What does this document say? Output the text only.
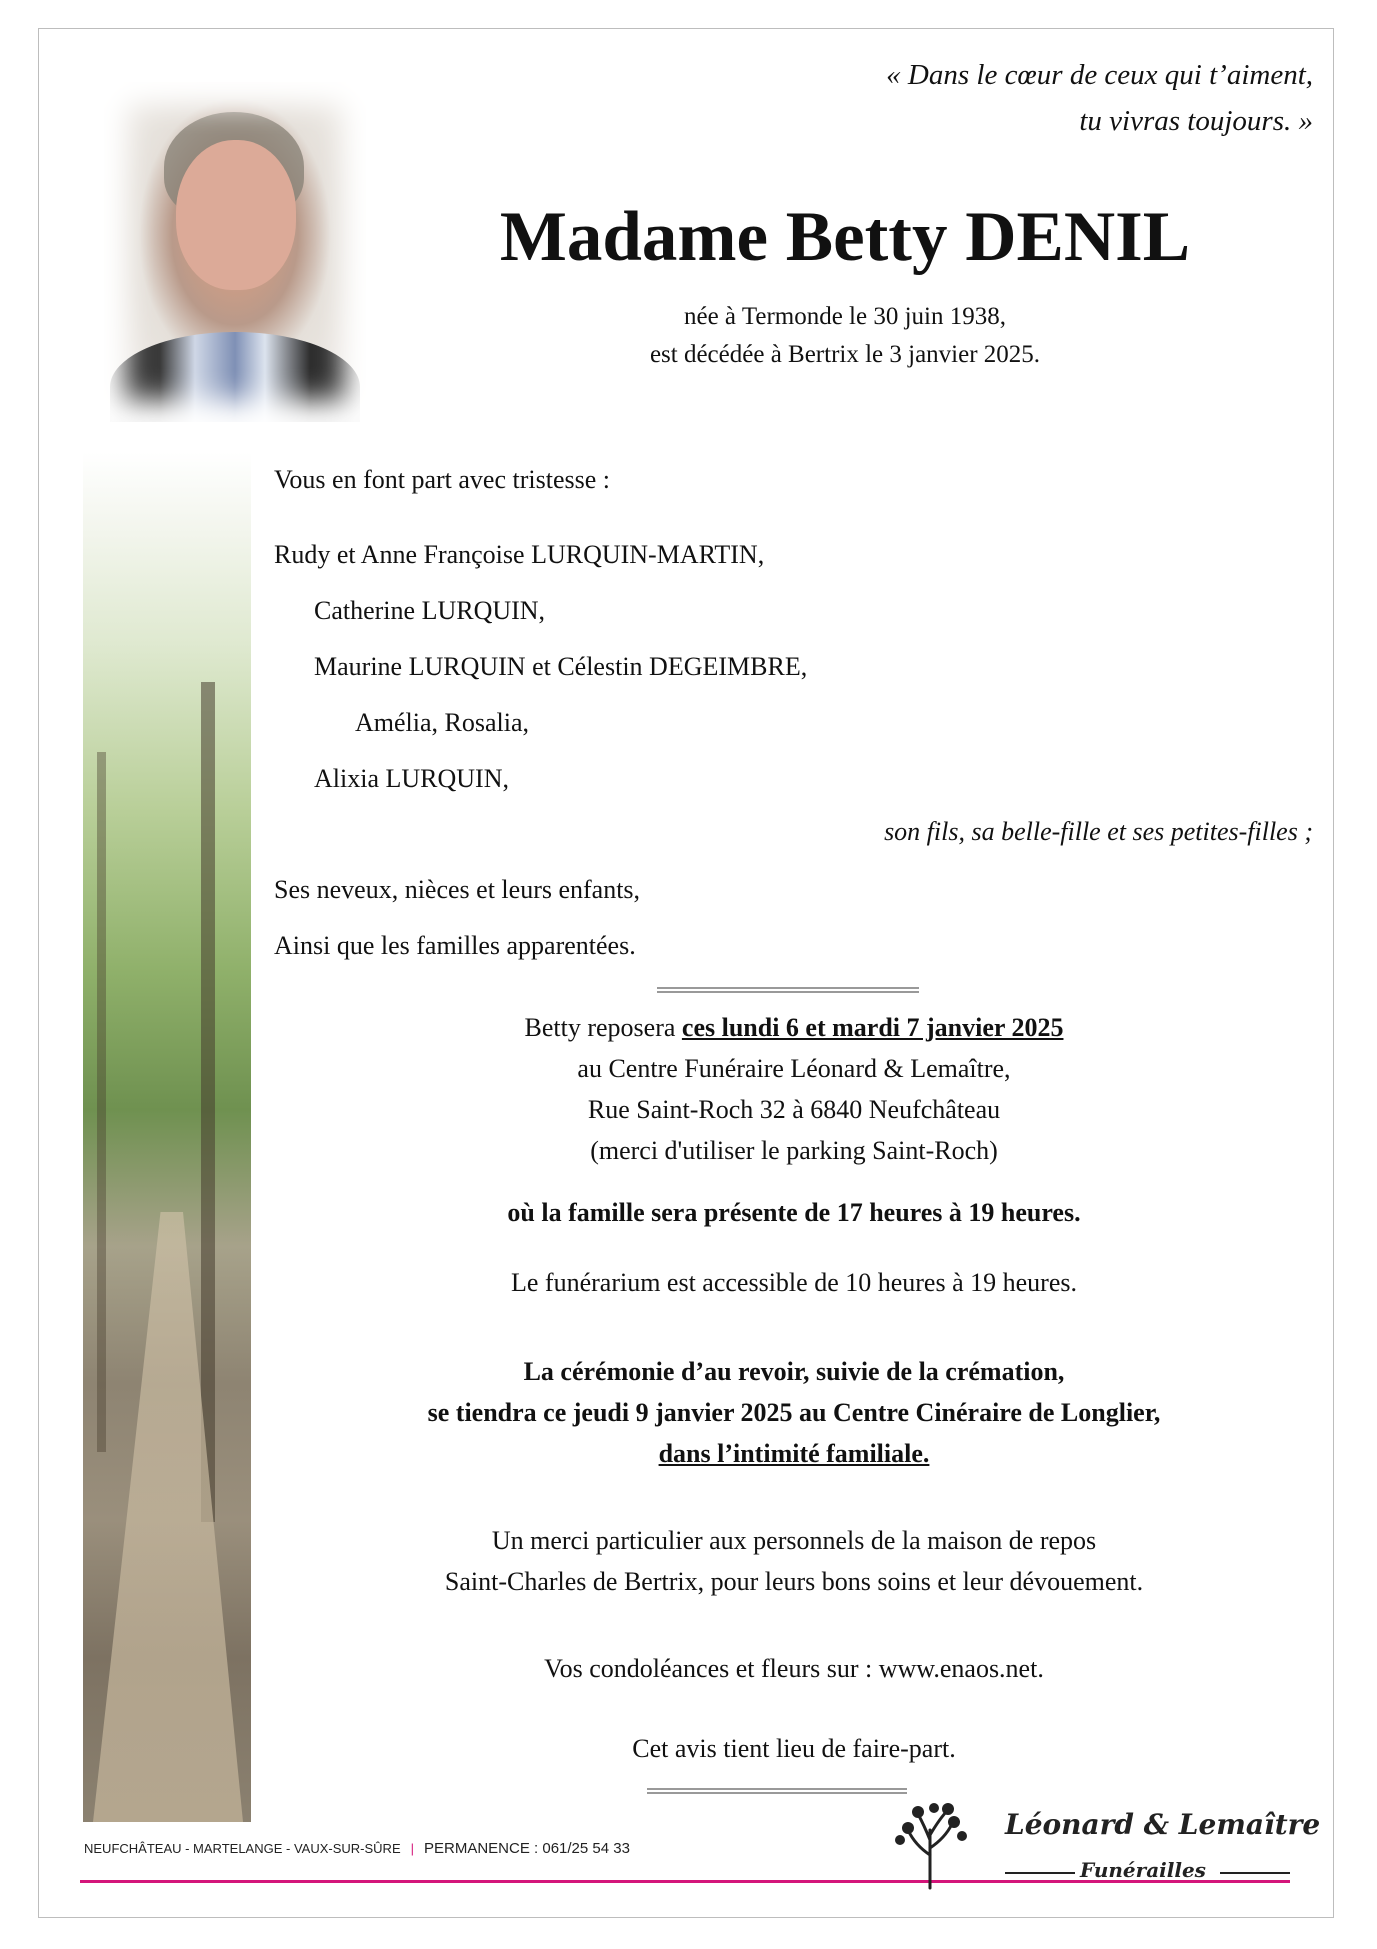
« Dans le cœur de ceux qui t’aiment,
tu vivras toujours. »
Madame Betty DENIL
née à Termonde le 30 juin 1938,
est décédée à Bertrix le 3 janvier 2025.
Vous en font part avec tristesse :
Rudy et Anne Françoise LURQUIN-MARTIN,
Catherine LURQUIN,
Maurine LURQUIN et Célestin DEGEIMBRE,
Amélia, Rosalia,
Alixia LURQUIN,
son fils, sa belle-fille et ses petites-filles ;
Ses neveux, nièces et leurs enfants,
Ainsi que les familles apparentées.
Betty reposera ces lundi 6 et mardi 7 janvier 2025
au Centre Funéraire Léonard & Lemaître,
Rue Saint-Roch 32 à 6840 Neufchâteau
(merci d'utiliser le parking Saint-Roch)
où la famille sera présente de 17 heures à 19 heures.
Le funérarium est accessible de 10 heures à 19 heures.
La cérémonie d’au revoir, suivie de la crémation,
se tiendra ce jeudi 9 janvier 2025 au Centre Cinéraire de Longlier,
dans l’intimité familiale.
Un merci particulier aux personnels de la maison de repos
Saint-Charles de Bertrix, pour leurs bons soins et leur dévouement.
Vos condoléances et fleurs sur : www.enaos.net.
Cet avis tient lieu de faire-part.
NEUFCHÂTEAU - MARTELANGE - VAUX-SUR-SÛRE | PERMANENCE : 061/25 54 33
Léonard & Lemaître
Funérailles
